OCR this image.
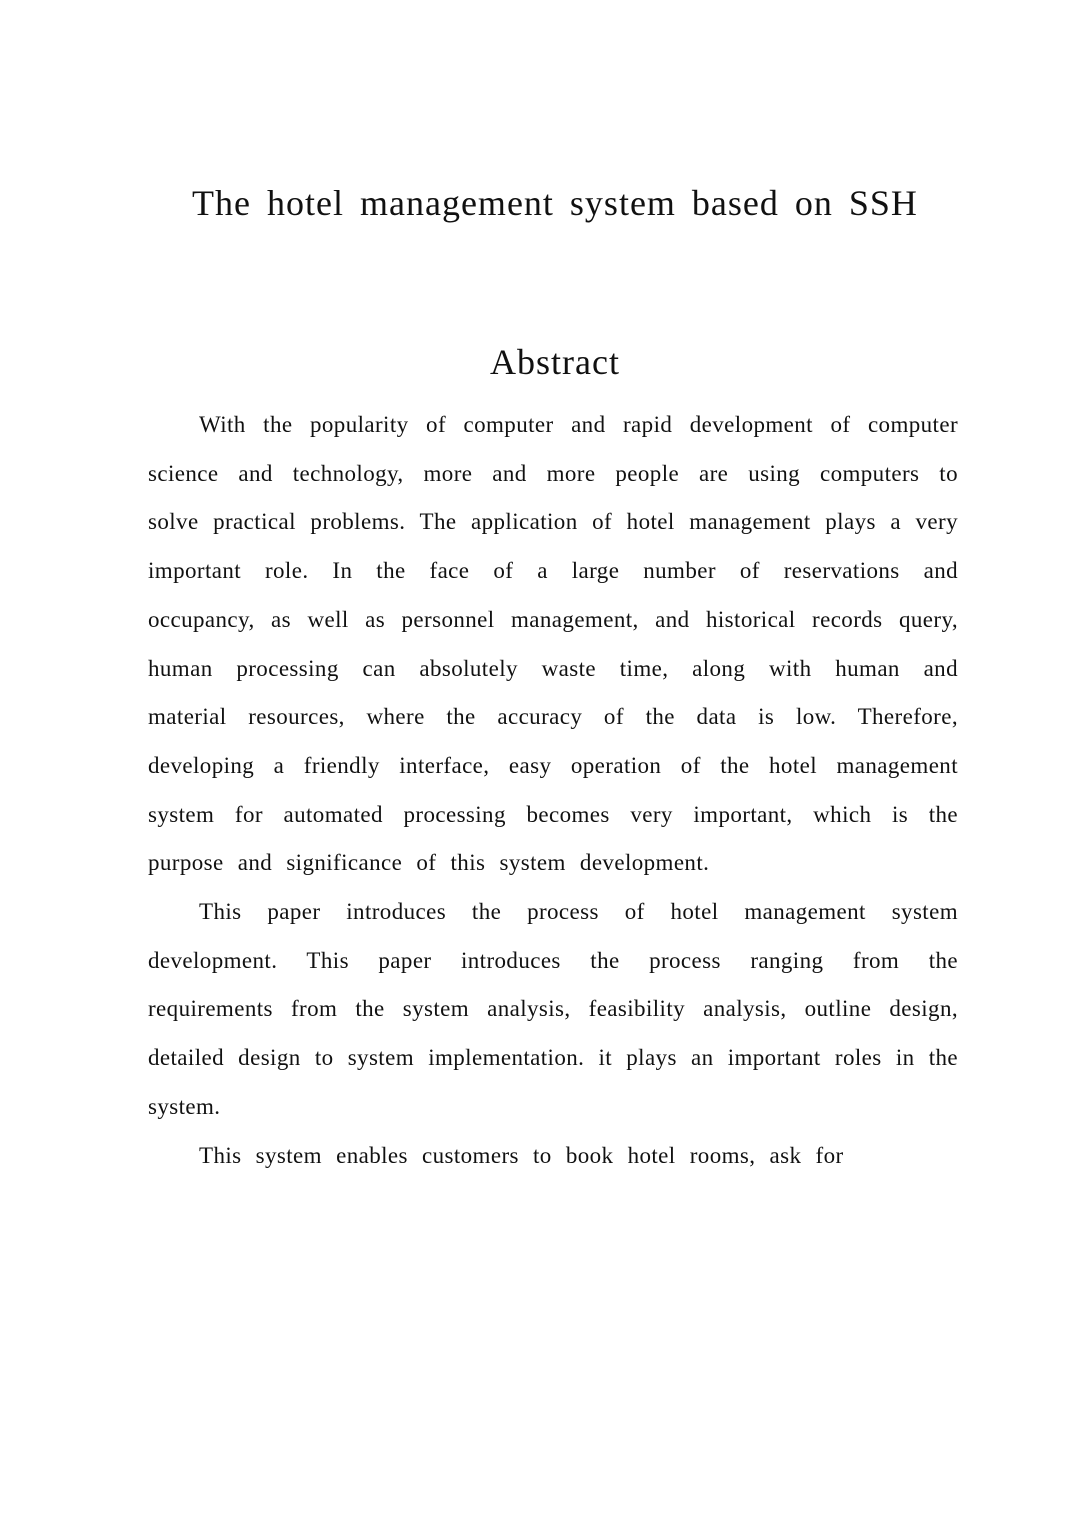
The hotel management system based on SSH
Abstract

With the popularity of computer and rapid development of computer science and technology, more and more people are using computers to solve practical problems. The application of hotel management plays a very important role. In the face of a large number of reservations and occupancy, as well as personnel management, and historical records query, human processing can absolutely waste time, along with human and material resources, where the accuracy of the data is low. Therefore, developing a friendly interface, easy operation of the hotel management system for automated processing becomes very important, which is the purpose and significance of this system development.

This paper introduces the process of hotel management system development. This paper introduces the process ranging from the requirements from the system analysis, feasibility analysis, outline design, detailed design to system implementation. it plays an important roles in the system.

This system enables customers to book hotel rooms, ask for
